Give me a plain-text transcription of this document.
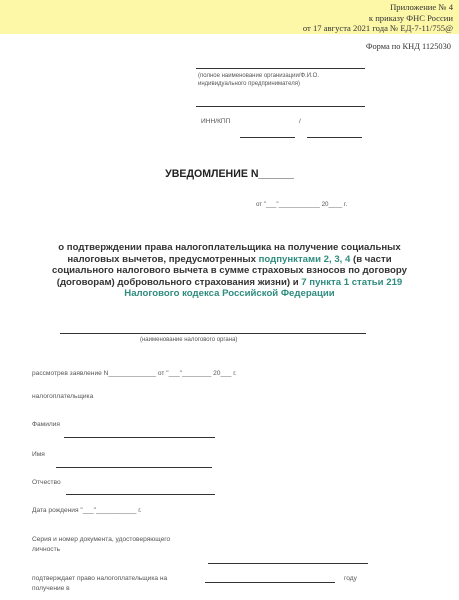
Приложение № 4
к приказу ФНС России
от 17 августа 2021 года № ЕД-7-11/755@
Форма по КНД 1125030
(полное наименование организации/Ф.И.О.
индивидуального предпринимателя)
ИНН/КПП	/
УВЕДОМЛЕНИЕ N______
от "___"____________ 20____ г.
о подтверждении права налогоплательщика на получение социальных налоговых вычетов, предусмотренных подпунктами 2, 3, 4 (в части социального налогового вычета в сумме страховых взносов по договору (договорам) добровольного страхования жизни) и 7 пункта 1 статьи 219 Налогового кодекса Российской Федерации
(наименование налогового органа)
рассмотрев заявление N_____________ от "___"________ 20___ г.
налогоплательщика
Фамилия
Имя
Отчество
Дата рождения "___"___________ г.
Серия и номер документа, удостоверяющего
личность
подтверждает право налогоплательщика на
получение в
году
